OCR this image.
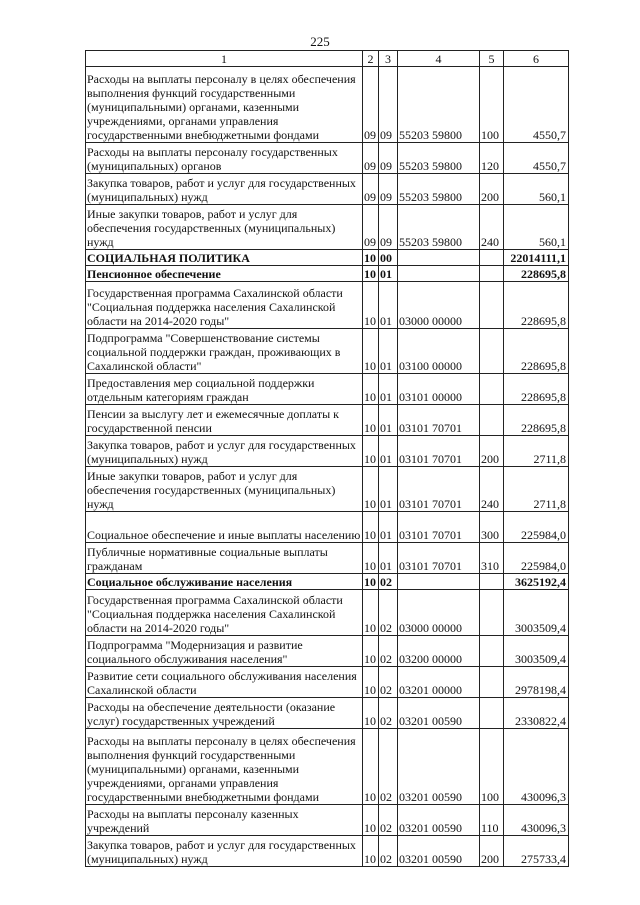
225
1	2	3	4	5	6
Расходы на выплаты персоналу в целях обеспечения выполнения функций государственными (муниципальными) органами, казенными учреждениями, органами управления государственными внебюджетными фондами	09	09	55203 59800	100	4550,7
Расходы на выплаты персоналу государственных (муниципальных) органов	09	09	55203 59800	120	4550,7
Закупка товаров, работ и услуг для государственных (муниципальных) нужд	09	09	55203 59800	200	560,1
Иные закупки товаров, работ и услуг для обеспечения государственных (муниципальных) нужд	09	09	55203 59800	240	560,1
СОЦИАЛЬНАЯ ПОЛИТИКА	10	00			22014111,1
Пенсионное обеспечение	10	01			228695,8
Государственная программа Сахалинской области "Социальная поддержка населения Сахалинской области на 2014-2020 годы"	10	01	03000 00000		228695,8
Подпрограмма "Совершенствование системы социальной поддержки граждан, проживающих в Сахалинской области"	10	01	03100 00000		228695,8
Предоставления мер социальной поддержки отдельным категориям граждан	10	01	03101 00000		228695,8
Пенсии за выслугу лет и ежемесячные доплаты к государственной пенсии	10	01	03101 70701		228695,8
Закупка товаров, работ и услуг для государственных (муниципальных) нужд	10	01	03101 70701	200	2711,8
Иные закупки товаров, работ и услуг для обеспечения государственных (муниципальных) нужд	10	01	03101 70701	240	2711,8
Социальное обеспечение и иные выплаты населению	10	01	03101 70701	300	225984,0
Публичные нормативные социальные выплаты гражданам	10	01	03101 70701	310	225984,0
Социальное обслуживание населения	10	02			3625192,4
Государственная программа Сахалинской области "Социальная поддержка населения Сахалинской области на 2014-2020 годы"	10	02	03000 00000		3003509,4
Подпрограмма "Модернизация и развитие социального обслуживания населения"	10	02	03200 00000		3003509,4
Развитие сети социального обслуживания населения Сахалинской области	10	02	03201 00000		2978198,4
Расходы на обеспечение деятельности (оказание услуг) государственных учреждений	10	02	03201 00590		2330822,4
Расходы на выплаты персоналу в целях обеспечения выполнения функций государственными (муниципальными) органами, казенными учреждениями, органами управления государственными внебюджетными фондами	10	02	03201 00590	100	430096,3
Расходы на выплаты персоналу казенных учреждений	10	02	03201 00590	110	430096,3
Закупка товаров, работ и услуг для государственных (муниципальных) нужд	10	02	03201 00590	200	275733,4
